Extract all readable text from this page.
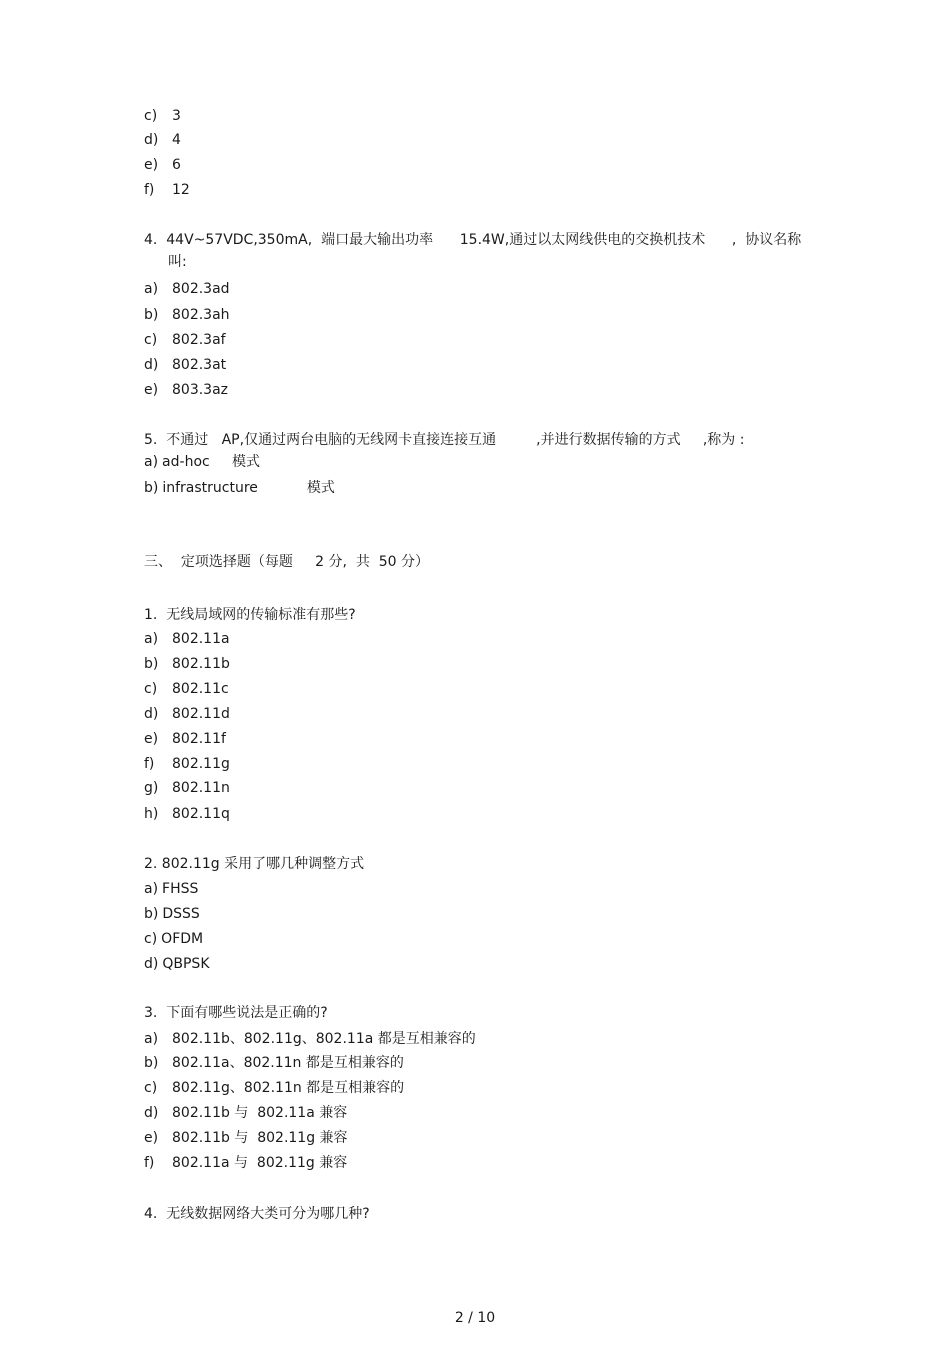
c) 3
d) 4
e) 6
f) 12
4.  44V~57VDC,350mA,  端口最大输出功率      15.4W,通过以太网线供电的交换机技术      ,  协议名称
叫:
a) 802.3ad
b) 802.3ah
c) 802.3af
d) 802.3at
e) 803.3az
5.  不通过   AP,仅通过两台电脑的无线网卡直接连接互通         ,并进行数据传输的方式     ,称为 :
a) ad-hoc     模式
b) infrastructure           模式
三、  定项选择题（每题     2 分,  共  50 分）
1.  无线局域网的传输标准有那些?
a) 802.11a
b) 802.11b
c) 802.11c
d) 802.11d
e) 802.11f
f) 802.11g
g) 802.11n
h) 802.11q
2. 802.11g 采用了哪几种调整方式
a) FHSS
b) DSSS
c) OFDM
d) QBPSK
3.  下面有哪些说法是正确的?
a) 802.11b、802.11g、802.11a 都是互相兼容的
b) 802.11a、802.11n 都是互相兼容的
c) 802.11g、802.11n 都是互相兼容的
d) 802.11b 与  802.11a 兼容
e) 802.11b 与  802.11g 兼容
f) 802.11a 与  802.11g 兼容
4.  无线数据网络大类可分为哪几种?
2 / 10
